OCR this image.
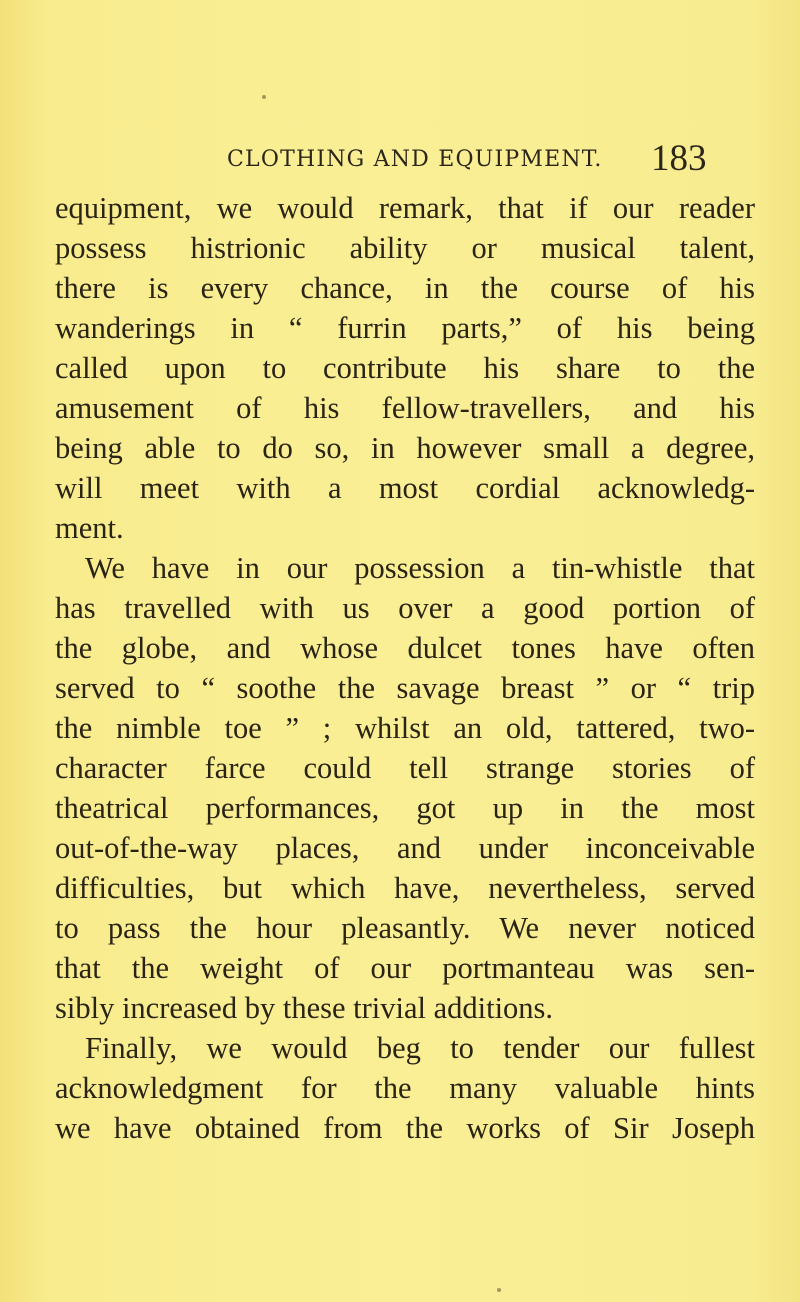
CLOTHING AND EQUIPMENT. 183
equipment, we would remark, that if our reader
possess histrionic ability or musical talent,
there is every chance, in the course of his
wanderings in “ furrin parts,” of his being
called upon to contribute his share to the
amusement of his fellow-travellers, and his
being able to do so, in however small a degree,
will meet with a most cordial acknowledg-
ment.
We have in our possession a tin-whistle that
has travelled with us over a good portion of
the globe, and whose dulcet tones have often
served to “ soothe the savage breast ” or “ trip
the nimble toe ” ; whilst an old, tattered, two-
character farce could tell strange stories of
theatrical performances, got up in the most
out-of-the-way places, and under inconceivable
difficulties, but which have, nevertheless, served
to pass the hour pleasantly. We never noticed
that the weight of our portmanteau was sen-
sibly increased by these trivial additions.
Finally, we would beg to tender our fullest
acknowledgment for the many valuable hints
we have obtained from the works of Sir Joseph
